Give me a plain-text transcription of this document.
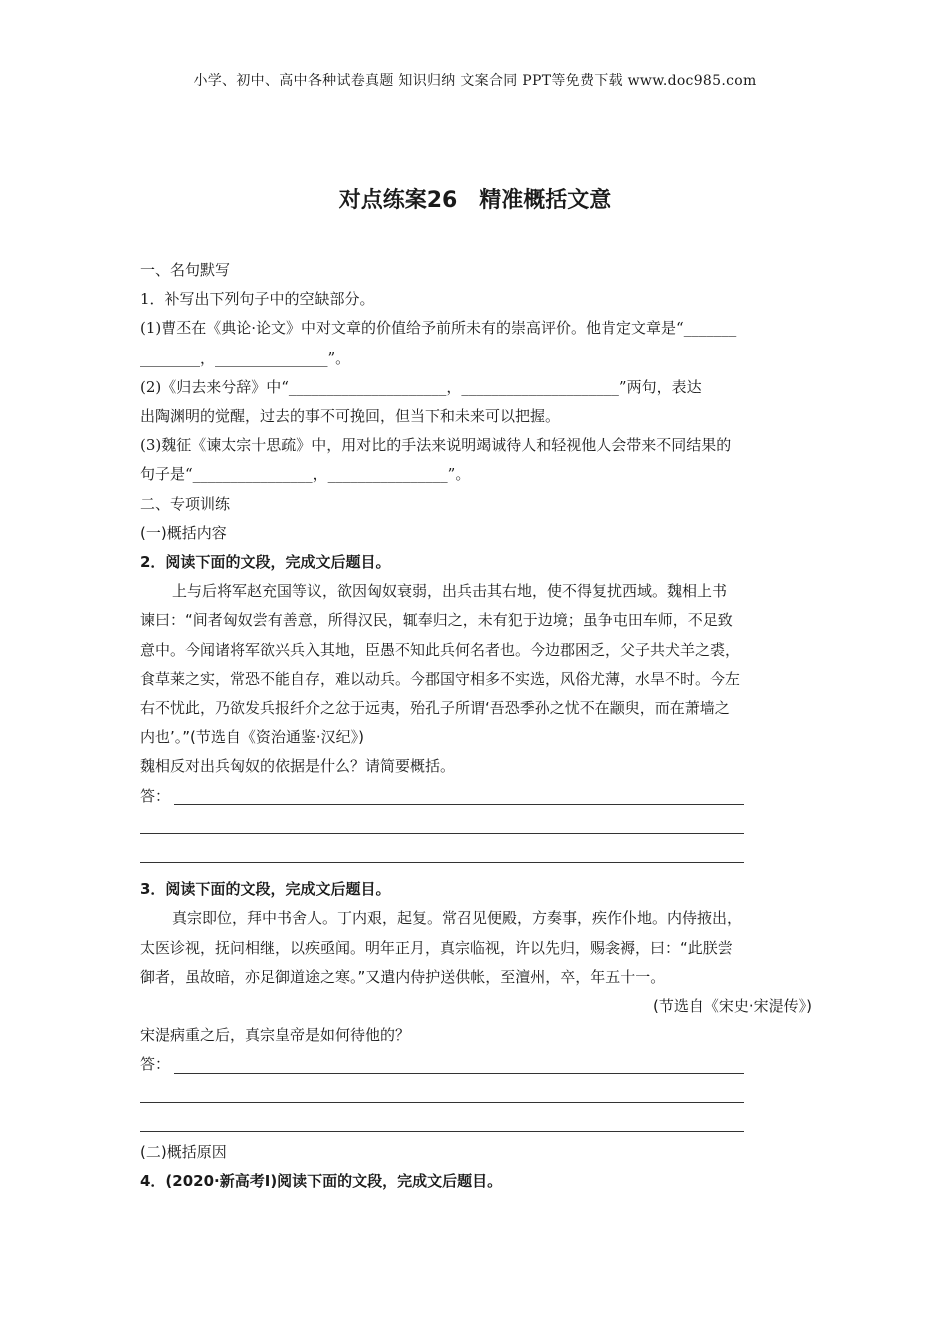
小学、初中、高中各种试卷真题 知识归纳 文案合同 PPT等免费下载 www.doc985.com
对点练案26　精准概括文意
一、名句默写
1．补写出下列句子中的空缺部分。
(1)曹丕在《典论·论文》中对文章的价值给予前所未有的崇高评价。他肯定文章是“_______
________，_______________”。
(2)《归去来兮辞》中“_____________________，_____________________”两句，表达
出陶渊明的觉醒，过去的事不可挽回，但当下和未来可以把握。
(3)魏征《谏太宗十思疏》中，用对比的手法来说明竭诚待人和轻视他人会带来不同结果的
句子是“________________，________________”。
二、专项训练
(一)概括内容
2．阅读下面的文段，完成文后题目。
上与后将军赵充国等议，欲因匈奴衰弱，出兵击其右地，使不得复扰西域。魏相上书
谏曰：“间者匈奴尝有善意，所得汉民，辄奉归之，未有犯于边境；虽争屯田车师，不足致
意中。今闻诸将军欲兴兵入其地，臣愚不知此兵何名者也。今边郡困乏，父子共犬羊之裘，
食草莱之实，常恐不能自存，难以动兵。今郡国守相多不实选，风俗尤薄，水旱不时。今左
右不忧此，乃欲发兵报纤介之忿于远夷，殆孔子所谓‘吾恐季孙之忧不在颛臾，而在萧墙之
内也’。”(节选自《资治通鉴·汉纪》)
魏相反对出兵匈奴的依据是什么？请简要概括。
答：
3．阅读下面的文段，完成文后题目。
真宗即位，拜中书舍人。丁内艰，起复。常召见便殿，方奏事，疾作仆地。内侍掖出，
太医诊视，抚问相继，以疾亟闻。明年正月，真宗临视，许以先归，赐衾褥，曰：“此朕尝
御者，虽故暗，亦足御道途之寒。”又遣内侍护送供帐，至澶州，卒，年五十一。
(节选自《宋史·宋湜传》)
宋湜病重之后，真宗皇帝是如何待他的？
答：
(二)概括原因
4．(2020·新高考Ⅰ)阅读下面的文段，完成文后题目。
